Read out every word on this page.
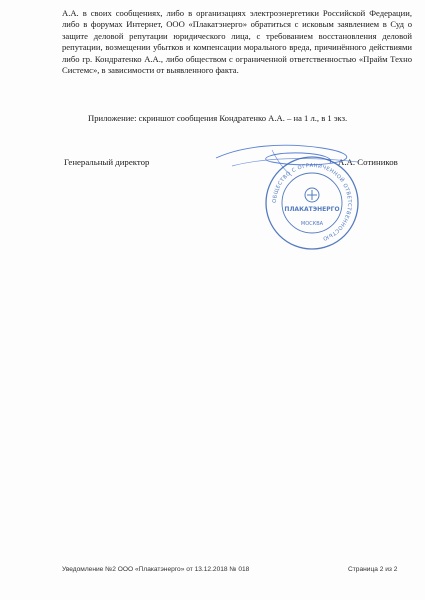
А.А. в своих сообщениях, либо в организациях электроэнергетики Российской Федерации, либо в форумах Интернет, ООО «Плакатэнерго» обратиться с исковым заявлением в Суд о защите деловой репутации юридического лица, с требованием восстановления деловой репутации, возмещении убытков и компенсации морального вреда, причинённого действиями либо гр. Кондратенко А.А., либо обществом с ограниченной ответственностью «Прайм Техно Системс», в зависимости от выявленного факта.
Приложение: скриншот сообщения Кондратенко А.А. – на 1 л., в 1 экз.
Генеральный директор	А.А. Сотиников
ОБЩЕСТВО С ОГРАНИЧЕННОЙ ОТВЕТСТВЕННОСТЬЮ
ПЛАКАТЭНЕРГО
МОСКВА
Уведомление №2 ООО «Плакатэнерго» от 13.12.2018 № 018	Страница 2 из 2
